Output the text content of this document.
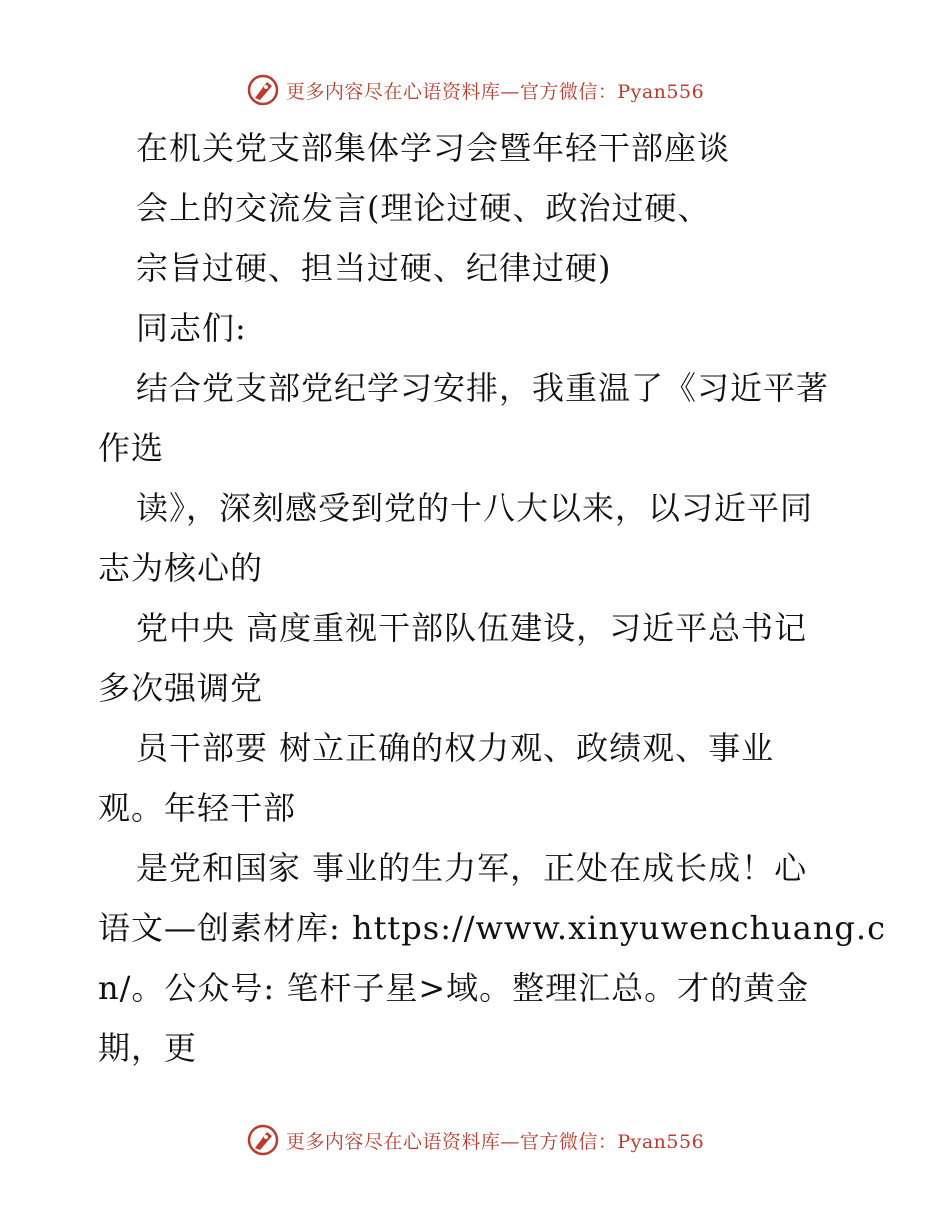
更多内容尽在心语资料库—官方微信：Pyan556
在机关党支部集体学习会暨年轻干部座谈
会上的交流发言(理论过硬、政治过硬、
宗旨过硬、担当过硬、纪律过硬)
同志们:
结合党支部党纪学习安排，我重温了《习近平著
作选
读》，深刻感受到党的十八大以来，以习近平同
志为核心的
党中央 高度重视干部队伍建设，习近平总书记
多次强调党
员干部要 树立正确的权力观、政绩观、事业
观。年轻干部
是党和国家 事业的生力军，正处在成长成！心
语文—创素材库: https://www.xinyuwenchuang.c
n/。公众号: 笔杆子星>域。整理汇总。才的黄金
期，更
更多内容尽在心语资料库—官方微信：Pyan556
